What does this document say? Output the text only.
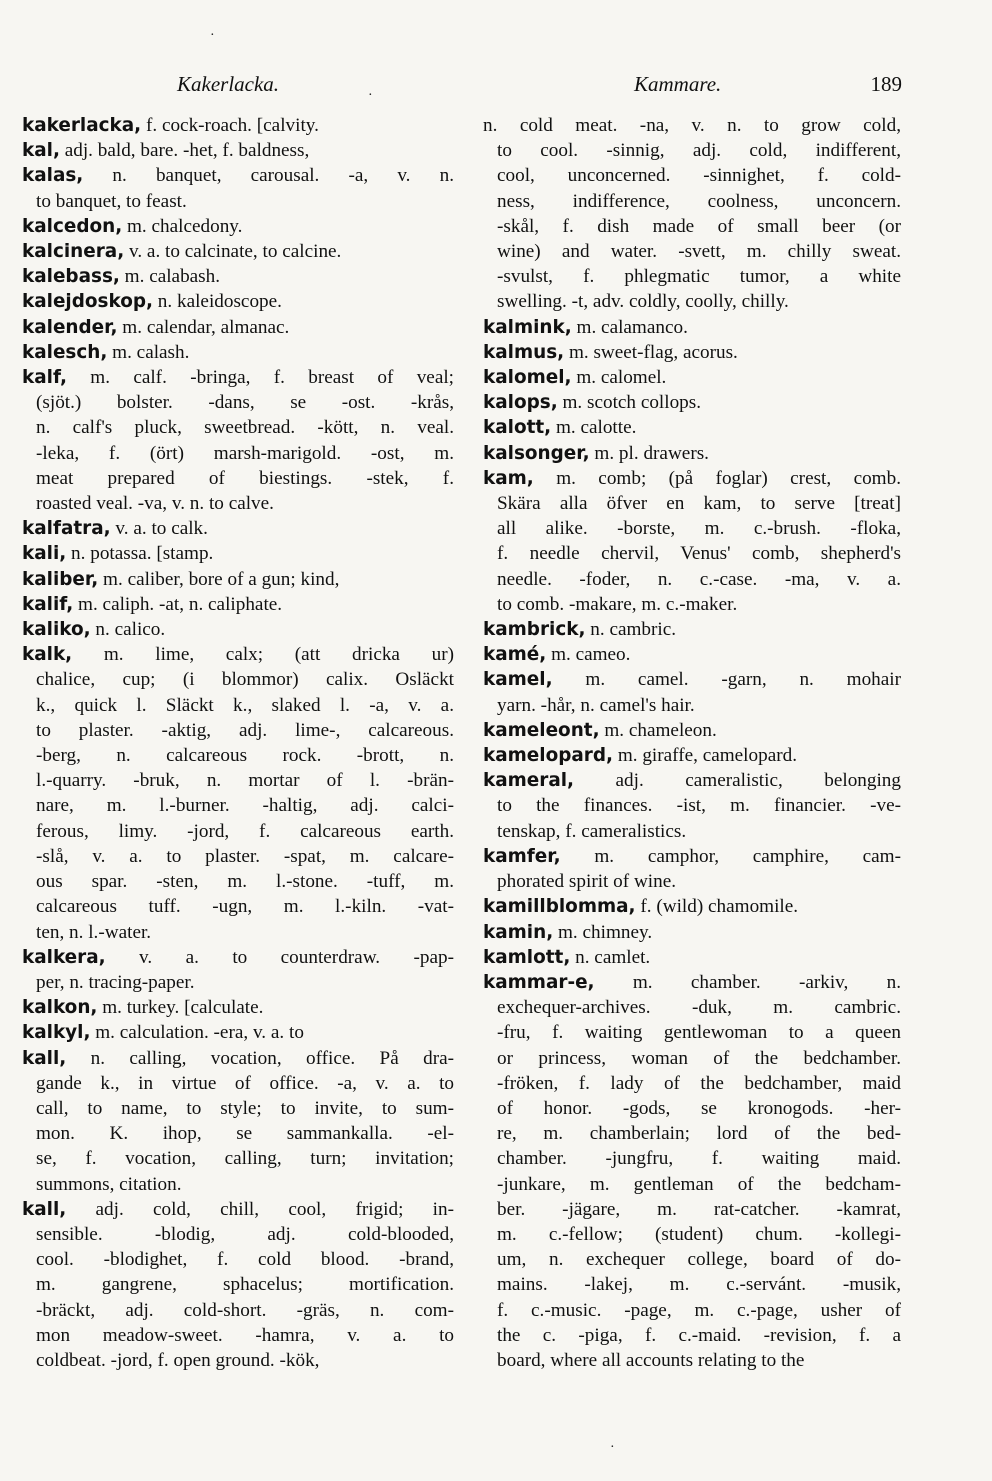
Kakerlacka.	Kammare.	189
kakerlacka, f. cock-roach. [calvity.
kal, adj. bald, bare. -het, f. baldness,
kalas, n. banquet, carousal. -a, v. n.
to banquet, to feast.
kalcedon, m. chalcedony.
kalcinera, v. a. to calcinate, to calcine.
kalebass, m. calabash.
kalejdoskop, n. kaleidoscope.
kalender, m. calendar, almanac.
kalesch, m. calash.
kalf, m. calf. -bringa, f. breast of veal;
(sjöt.) bolster. -dans, se -ost. -krås,
n. calf's pluck, sweetbread. -kött, n. veal.
-leka, f. (ört) marsh-marigold. -ost, m.
meat prepared of biestings. -stek, f.
roasted veal. -va, v. n. to calve.
kalfatra, v. a. to calk.
kali, n. potassa. [stamp.
kaliber, m. caliber, bore of a gun; kind,
kalif, m. caliph. -at, n. caliphate.
kaliko, n. calico.
kalk, m. lime, calx; (att dricka ur)
chalice, cup; (i blommor) calix. Osläckt
k., quick l. Släckt k., slaked l. -a, v. a.
to plaster. -aktig, adj. lime-, calcareous.
-berg, n. calcareous rock. -brott, n.
l.-quarry. -bruk, n. mortar of l. -brän-
nare, m. l.-burner. -haltig, adj. calci-
ferous, limy. -jord, f. calcareous earth.
-slå, v. a. to plaster. -spat, m. calcare-
ous spar. -sten, m. l.-stone. -tuff, m.
calcareous tuff. -ugn, m. l.-kiln. -vat-
ten, n. l.-water.
kalkera, v. a. to counterdraw. -pap-
per, n. tracing-paper.
kalkon, m. turkey. [calculate.
kalkyl, m. calculation. -era, v. a. to
kall, n. calling, vocation, office. På dra-
gande k., in virtue of office. -a, v. a. to
call, to name, to style; to invite, to sum-
mon. K. ihop, se sammankalla. -el-
se, f. vocation, calling, turn; invitation;
summons, citation.
kall, adj. cold, chill, cool, frigid; in-
sensible. -blodig, adj. cold-blooded,
cool. -blodighet, f. cold blood. -brand,
m. gangrene, sphacelus; mortification.
-bräckt, adj. cold-short. -gräs, n. com-
mon meadow-sweet. -hamra, v. a. to
coldbeat. -jord, f. open ground. -kök,
n. cold meat. -na, v. n. to grow cold,
to cool. -sinnig, adj. cold, indifferent,
cool, unconcerned. -sinnighet, f. cold-
ness, indifference, coolness, unconcern.
-skål, f. dish made of small beer (or
wine) and water. -svett, m. chilly sweat.
-svulst, f. phlegmatic tumor, a white
swelling. -t, adv. coldly, coolly, chilly.
kalmink, m. calamanco.
kalmus, m. sweet-flag, acorus.
kalomel, m. calomel.
kalops, m. scotch collops.
kalott, m. calotte.
kalsonger, m. pl. drawers.
kam, m. comb; (på foglar) crest, comb.
Skära alla öfver en kam, to serve [treat]
all alike. -borste, m. c.-brush. -floka,
f. needle chervil, Venus' comb, shepherd's
needle. -foder, n. c.-case. -ma, v. a.
to comb. -makare, m. c.-maker.
kambrick, n. cambric.
kamé, m. cameo.
kamel, m. camel. -garn, n. mohair
yarn. -hår, n. camel's hair.
kameleont, m. chameleon.
kamelopard, m. giraffe, camelopard.
kameral, adj. cameralistic, belonging
to the finances. -ist, m. financier. -ve-
tenskap, f. cameralistics.
kamfer, m. camphor, camphire, cam-
phorated spirit of wine.
kamillblomma, f. (wild) chamomile.
kamin, m. chimney.
kamlott, n. camlet.
kammar-e, m. chamber. -arkiv, n.
exchequer-archives. -duk, m. cambric.
-fru, f. waiting gentlewoman to a queen
or princess, woman of the bedchamber.
-fröken, f. lady of the bedchamber, maid
of honor. -gods, se kronogods. -her-
re, m. chamberlain; lord of the bed-
chamber. -jungfru, f. waiting maid.
-junkare, m. gentleman of the bedcham-
ber. -jägare, m. rat-catcher. -kamrat,
m. c.-fellow; (student) chum. -kollegi-
um, n. exchequer college, board of do-
mains. -lakej, m. c.-servánt. -musik,
f. c.-music. -page, m. c.-page, usher of
the c. -piga, f. c.-maid. -revision, f. a
board, where all accounts relating to the
·
·
·
